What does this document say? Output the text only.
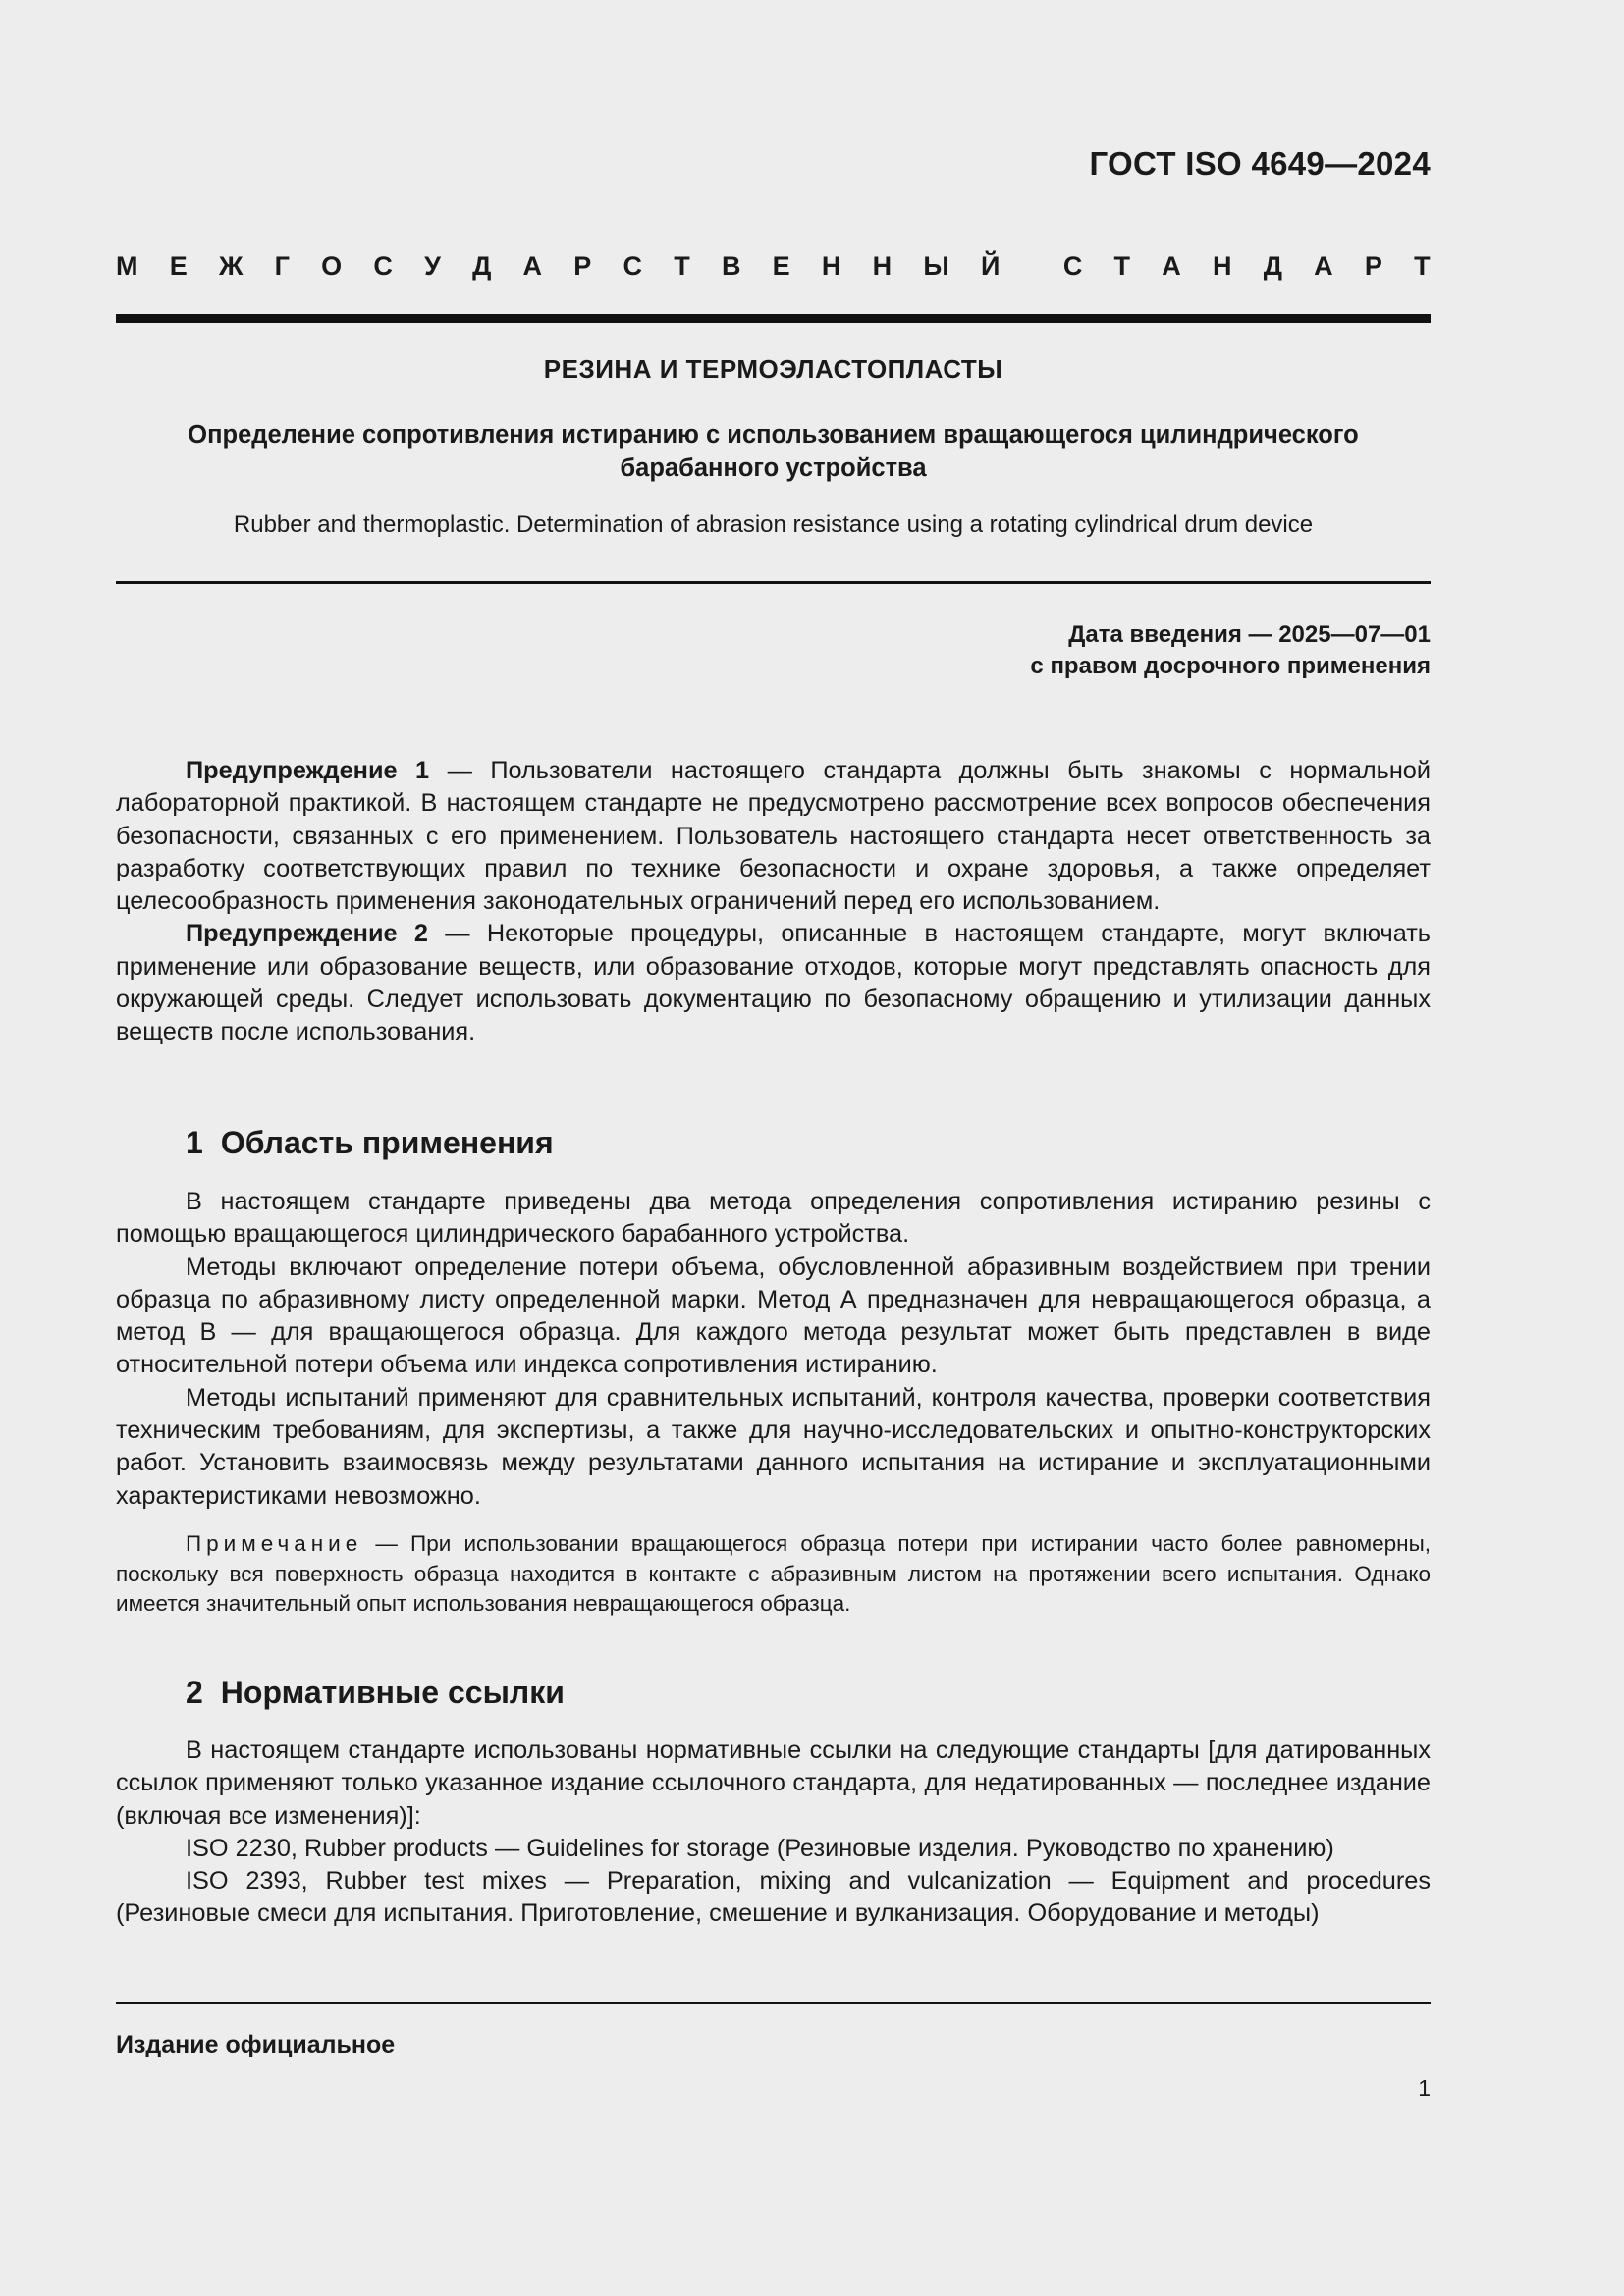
ГОСТ ISO 4649—2024
М Е Ж Г О С У Д А Р С Т В Е Н Н Ы Й С Т А Н Д А Р Т
РЕЗИНА И ТЕРМОЭЛАСТОПЛАСТЫ
Определение сопротивления истиранию с использованием вращающегося цилиндрического
барабанного устройства
Rubber and thermoplastic. Determination of abrasion resistance using a rotating cylindrical drum device
Дата введения — 2025—07—01
с правом досрочного применения

Предупреждение 1 — Пользователи настоящего стандарта должны быть знакомы с нормальной лабораторной практикой. В настоящем стандарте не предусмотрено рассмотрение всех вопросов обеспечения безопасности, связанных с его применением. Пользователь настоящего стандарта несет ответственность за разработку соответствующих правил по технике безопасности и охране здоровья, а также определяет целесообразность применения законодательных ограничений перед его использованием.

Предупреждение 2 — Некоторые процедуры, описанные в настоящем стандарте, могут включать применение или образование веществ, или образование отходов, которые могут представлять опасность для окружающей среды. Следует использовать документацию по безопасному обращению и утилизации данных веществ после использования.

1 Область применения

В настоящем стандарте приведены два метода определения сопротивления истиранию резины с помощью вращающегося цилиндрического барабанного устройства.

Методы включают определение потери объема, обусловленной абразивным воздействием при трении образца по абразивному листу определенной марки. Метод А предназначен для невращающегося образца, а метод В — для вращающегося образца. Для каждого метода результат может быть представлен в виде относительной потери объема или индекса сопротивления истиранию.

Методы испытаний применяют для сравнительных испытаний, контроля качества, проверки соответствия техническим требованиям, для экспертизы, а также для научно-исследовательских и опытно-конструкторских работ. Установить взаимосвязь между результатами данного испытания на истирание и эксплуатационными характеристиками невозможно.

Примечание — При использовании вращающегося образца потери при истирании часто более равномерны, поскольку вся поверхность образца находится в контакте с абразивным листом на протяжении всего испытания. Однако имеется значительный опыт использования невращающегося образца.

2 Нормативные ссылки

В настоящем стандарте использованы нормативные ссылки на следующие стандарты [для датированных ссылок применяют только указанное издание ссылочного стандарта, для недатированных — последнее издание (включая все изменения)]:

ISO 2230, Rubber products — Guidelines for storage (Резиновые изделия. Руководство по хранению)

ISO 2393, Rubber test mixes — Preparation, mixing and vulcanization — Equipment and procedures (Резиновые смеси для испытания. Приготовление, смешение и вулканизация. Оборудование и методы)

Издание официальное
1
